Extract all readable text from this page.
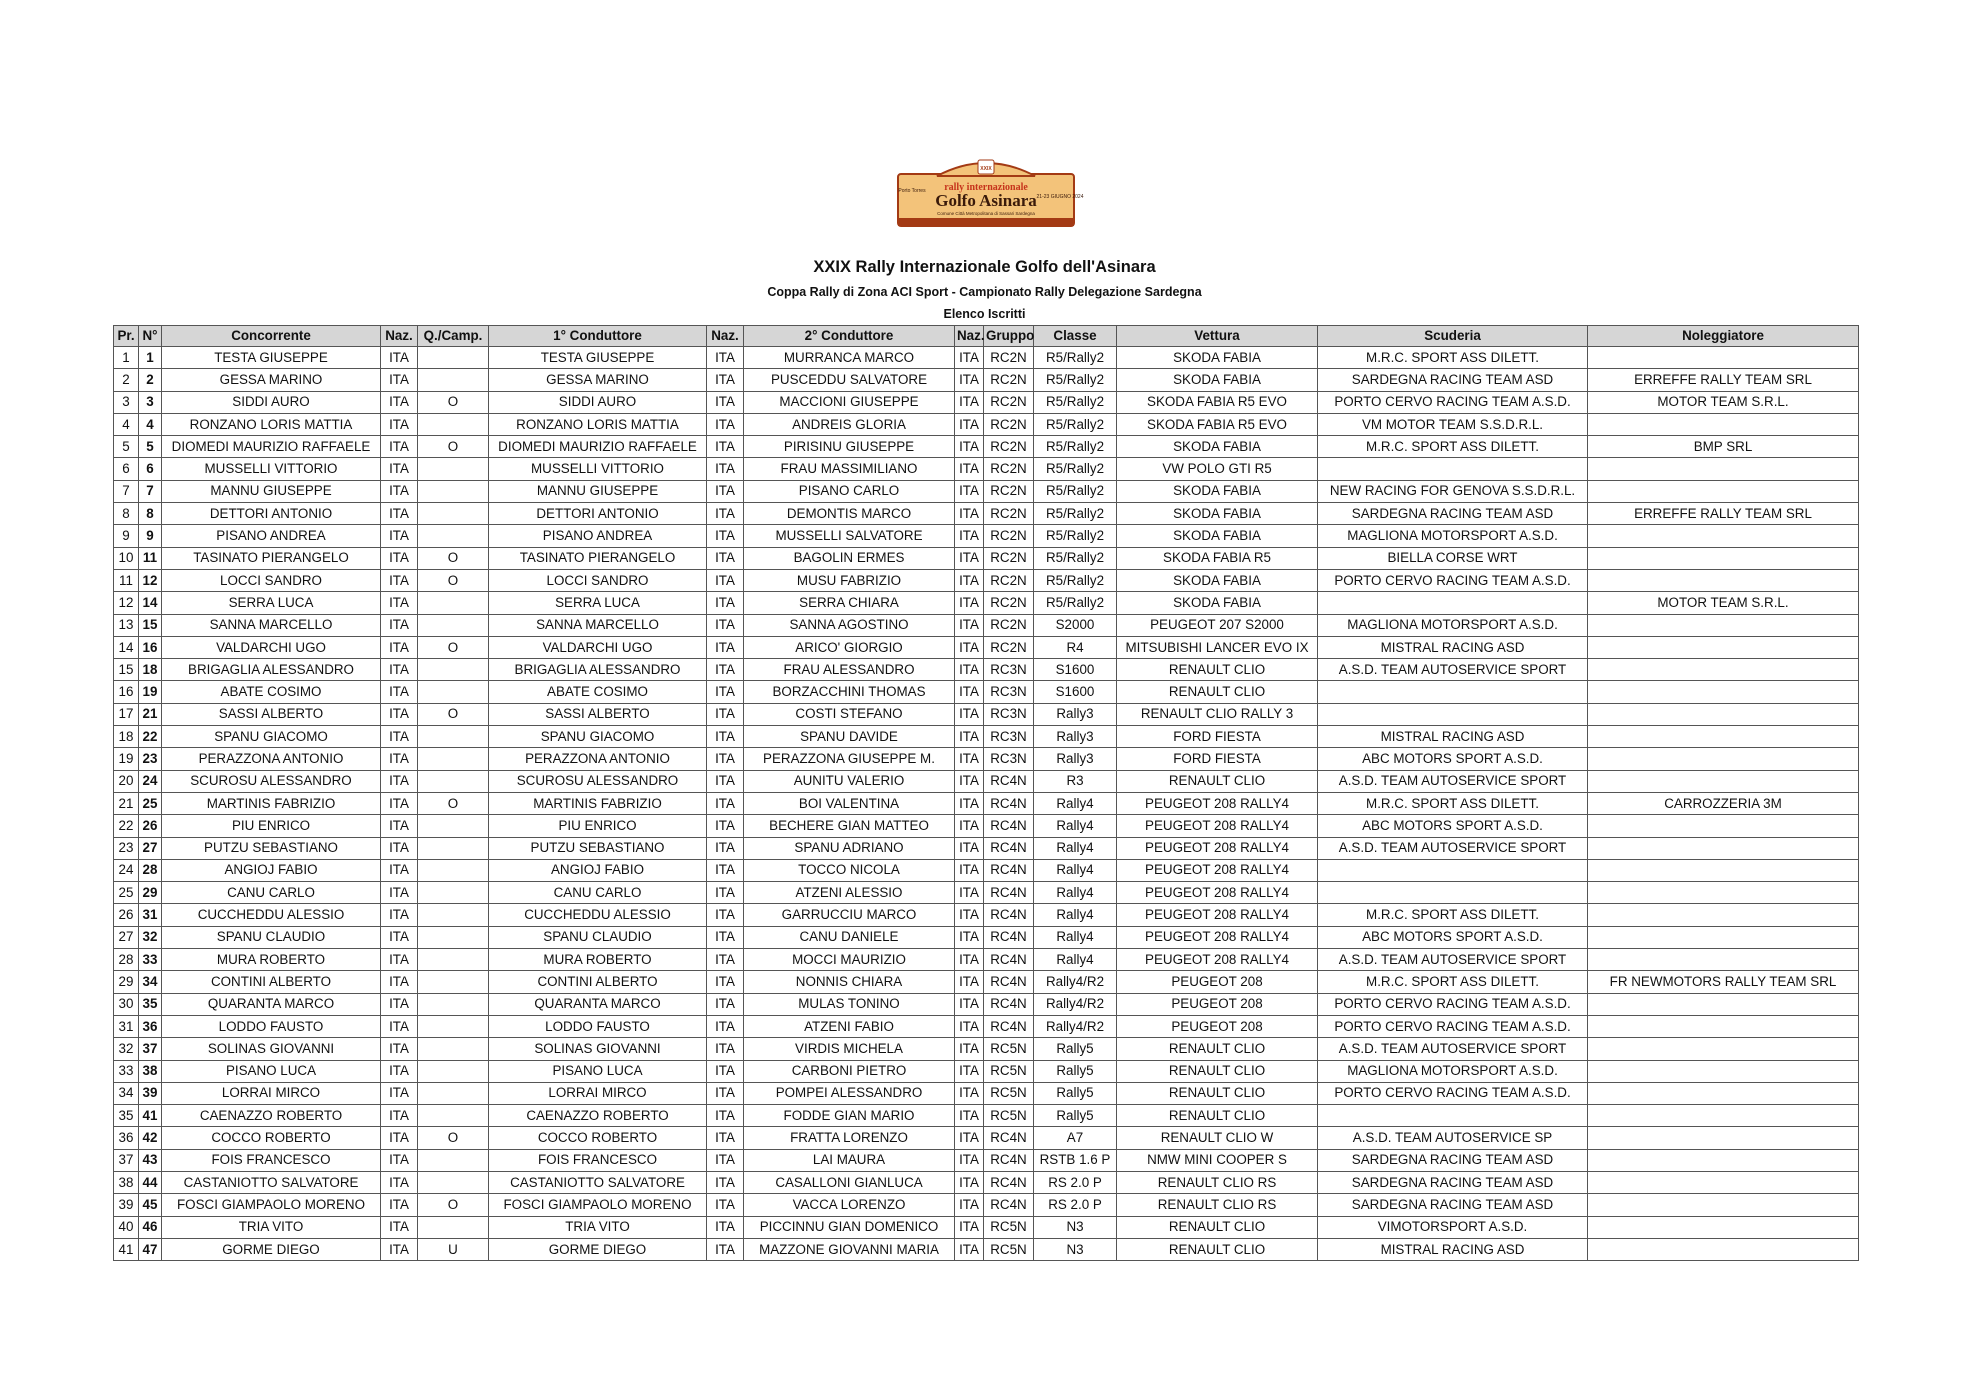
rally internazionale
Golfo Asinara
Porto Torres
21-23 GIUGNO 2024
Comune Città Metropolitana di Sassari Sardegna
XXIX
XXIX Rally Internazionale Golfo dell'Asinara
Coppa Rally di Zona ACI Sport - Campionato Rally Delegazione Sardegna
Elenco Iscritti
Pr.	N°	Concorrente	Naz.	Q./Camp.	1° Conduttore	Naz.	2° Conduttore	Naz.	Gruppo	Classe	Vettura	Scuderia	Noleggiatore
1	1	TESTA GIUSEPPE	ITA		TESTA GIUSEPPE	ITA	MURRANCA MARCO	ITA	RC2N	R5/Rally2	SKODA FABIA	M.R.C. SPORT ASS DILETT.	
2	2	GESSA MARINO	ITA		GESSA MARINO	ITA	PUSCEDDU SALVATORE	ITA	RC2N	R5/Rally2	SKODA FABIA	SARDEGNA RACING TEAM ASD	ERREFFE RALLY TEAM SRL
3	3	SIDDI AURO	ITA	O	SIDDI AURO	ITA	MACCIONI GIUSEPPE	ITA	RC2N	R5/Rally2	SKODA FABIA R5 EVO	PORTO CERVO RACING TEAM A.S.D.	MOTOR TEAM S.R.L.
4	4	RONZANO LORIS MATTIA	ITA		RONZANO LORIS MATTIA	ITA	ANDREIS GLORIA	ITA	RC2N	R5/Rally2	SKODA FABIA R5 EVO	VM MOTOR TEAM S.S.D.R.L.	
5	5	DIOMEDI MAURIZIO RAFFAELE	ITA	O	DIOMEDI MAURIZIO RAFFAELE	ITA	PIRISINU GIUSEPPE	ITA	RC2N	R5/Rally2	SKODA FABIA	M.R.C. SPORT ASS DILETT.	BMP SRL
6	6	MUSSELLI VITTORIO	ITA		MUSSELLI VITTORIO	ITA	FRAU MASSIMILIANO	ITA	RC2N	R5/Rally2	VW POLO GTI R5		
7	7	MANNU GIUSEPPE	ITA		MANNU GIUSEPPE	ITA	PISANO CARLO	ITA	RC2N	R5/Rally2	SKODA FABIA	NEW RACING FOR GENOVA S.S.D.R.L.	
8	8	DETTORI ANTONIO	ITA		DETTORI ANTONIO	ITA	DEMONTIS MARCO	ITA	RC2N	R5/Rally2	SKODA FABIA	SARDEGNA RACING TEAM ASD	ERREFFE RALLY TEAM SRL
9	9	PISANO ANDREA	ITA		PISANO ANDREA	ITA	MUSSELLI SALVATORE	ITA	RC2N	R5/Rally2	SKODA FABIA	MAGLIONA MOTORSPORT A.S.D.	
10	11	TASINATO PIERANGELO	ITA	O	TASINATO PIERANGELO	ITA	BAGOLIN ERMES	ITA	RC2N	R5/Rally2	SKODA FABIA R5	BIELLA CORSE WRT	
11	12	LOCCI SANDRO	ITA	O	LOCCI SANDRO	ITA	MUSU FABRIZIO	ITA	RC2N	R5/Rally2	SKODA FABIA	PORTO CERVO RACING TEAM A.S.D.	
12	14	SERRA LUCA	ITA		SERRA LUCA	ITA	SERRA CHIARA	ITA	RC2N	R5/Rally2	SKODA FABIA		MOTOR TEAM S.R.L.
13	15	SANNA MARCELLO	ITA		SANNA MARCELLO	ITA	SANNA AGOSTINO	ITA	RC2N	S2000	PEUGEOT 207 S2000	MAGLIONA MOTORSPORT A.S.D.	
14	16	VALDARCHI UGO	ITA	O	VALDARCHI UGO	ITA	ARICO' GIORGIO	ITA	RC2N	R4	MITSUBISHI LANCER EVO IX	MISTRAL RACING ASD	
15	18	BRIGAGLIA ALESSANDRO	ITA		BRIGAGLIA ALESSANDRO	ITA	FRAU ALESSANDRO	ITA	RC3N	S1600	RENAULT CLIO	A.S.D. TEAM AUTOSERVICE SPORT	
16	19	ABATE COSIMO	ITA		ABATE COSIMO	ITA	BORZACCHINI THOMAS	ITA	RC3N	S1600	RENAULT CLIO		
17	21	SASSI ALBERTO	ITA	O	SASSI ALBERTO	ITA	COSTI STEFANO	ITA	RC3N	Rally3	RENAULT CLIO RALLY 3		
18	22	SPANU GIACOMO	ITA		SPANU GIACOMO	ITA	SPANU DAVIDE	ITA	RC3N	Rally3	FORD FIESTA	MISTRAL RACING ASD	
19	23	PERAZZONA ANTONIO	ITA		PERAZZONA ANTONIO	ITA	PERAZZONA GIUSEPPE M.	ITA	RC3N	Rally3	FORD FIESTA	ABC MOTORS SPORT A.S.D.	
20	24	SCUROSU ALESSANDRO	ITA		SCUROSU ALESSANDRO	ITA	AUNITU VALERIO	ITA	RC4N	R3	RENAULT CLIO	A.S.D. TEAM AUTOSERVICE SPORT	
21	25	MARTINIS FABRIZIO	ITA	O	MARTINIS FABRIZIO	ITA	BOI VALENTINA	ITA	RC4N	Rally4	PEUGEOT 208 RALLY4	M.R.C. SPORT ASS DILETT.	CARROZZERIA 3M
22	26	PIU ENRICO	ITA		PIU ENRICO	ITA	BECHERE GIAN MATTEO	ITA	RC4N	Rally4	PEUGEOT 208 RALLY4	ABC MOTORS SPORT A.S.D.	
23	27	PUTZU SEBASTIANO	ITA		PUTZU SEBASTIANO	ITA	SPANU ADRIANO	ITA	RC4N	Rally4	PEUGEOT 208 RALLY4	A.S.D. TEAM AUTOSERVICE SPORT	
24	28	ANGIOJ FABIO	ITA		ANGIOJ FABIO	ITA	TOCCO NICOLA	ITA	RC4N	Rally4	PEUGEOT 208 RALLY4		
25	29	CANU CARLO	ITA		CANU CARLO	ITA	ATZENI ALESSIO	ITA	RC4N	Rally4	PEUGEOT 208 RALLY4		
26	31	CUCCHEDDU ALESSIO	ITA		CUCCHEDDU ALESSIO	ITA	GARRUCCIU MARCO	ITA	RC4N	Rally4	PEUGEOT 208 RALLY4	M.R.C. SPORT ASS DILETT.	
27	32	SPANU CLAUDIO	ITA		SPANU CLAUDIO	ITA	CANU DANIELE	ITA	RC4N	Rally4	PEUGEOT 208 RALLY4	ABC MOTORS SPORT A.S.D.	
28	33	MURA ROBERTO	ITA		MURA ROBERTO	ITA	MOCCI MAURIZIO	ITA	RC4N	Rally4	PEUGEOT 208 RALLY4	A.S.D. TEAM AUTOSERVICE SPORT	
29	34	CONTINI ALBERTO	ITA		CONTINI ALBERTO	ITA	NONNIS CHIARA	ITA	RC4N	Rally4/R2	PEUGEOT 208	M.R.C. SPORT ASS DILETT.	FR NEWMOTORS RALLY TEAM SRL
30	35	QUARANTA MARCO	ITA		QUARANTA MARCO	ITA	MULAS TONINO	ITA	RC4N	Rally4/R2	PEUGEOT 208	PORTO CERVO RACING TEAM A.S.D.	
31	36	LODDO FAUSTO	ITA		LODDO FAUSTO	ITA	ATZENI FABIO	ITA	RC4N	Rally4/R2	PEUGEOT 208	PORTO CERVO RACING TEAM A.S.D.	
32	37	SOLINAS GIOVANNI	ITA		SOLINAS GIOVANNI	ITA	VIRDIS MICHELA	ITA	RC5N	Rally5	RENAULT CLIO	A.S.D. TEAM AUTOSERVICE SPORT	
33	38	PISANO LUCA	ITA		PISANO LUCA	ITA	CARBONI PIETRO	ITA	RC5N	Rally5	RENAULT CLIO	MAGLIONA MOTORSPORT A.S.D.	
34	39	LORRAI MIRCO	ITA		LORRAI MIRCO	ITA	POMPEI ALESSANDRO	ITA	RC5N	Rally5	RENAULT CLIO	PORTO CERVO RACING TEAM A.S.D.	
35	41	CAENAZZO ROBERTO	ITA		CAENAZZO ROBERTO	ITA	FODDE GIAN MARIO	ITA	RC5N	Rally5	RENAULT CLIO		
36	42	COCCO ROBERTO	ITA	O	COCCO ROBERTO	ITA	FRATTA LORENZO	ITA	RC4N	A7	RENAULT CLIO W	A.S.D. TEAM AUTOSERVICE SP	
37	43	FOIS FRANCESCO	ITA		FOIS FRANCESCO	ITA	LAI MAURA	ITA	RC4N	RSTB 1.6 P	NMW MINI COOPER S	SARDEGNA RACING TEAM ASD	
38	44	CASTANIOTTO SALVATORE	ITA		CASTANIOTTO SALVATORE	ITA	CASALLONI GIANLUCA	ITA	RC4N	RS 2.0 P	RENAULT CLIO RS	SARDEGNA RACING TEAM ASD	
39	45	FOSCI GIAMPAOLO MORENO	ITA	O	FOSCI GIAMPAOLO MORENO	ITA	VACCA LORENZO	ITA	RC4N	RS 2.0 P	RENAULT CLIO RS	SARDEGNA RACING TEAM ASD	
40	46	TRIA VITO	ITA		TRIA VITO	ITA	PICCINNU GIAN DOMENICO	ITA	RC5N	N3	RENAULT CLIO	VIMOTORSPORT A.S.D.	
41	47	GORME DIEGO	ITA	U	GORME DIEGO	ITA	MAZZONE GIOVANNI MARIA	ITA	RC5N	N3	RENAULT CLIO	MISTRAL RACING ASD	
